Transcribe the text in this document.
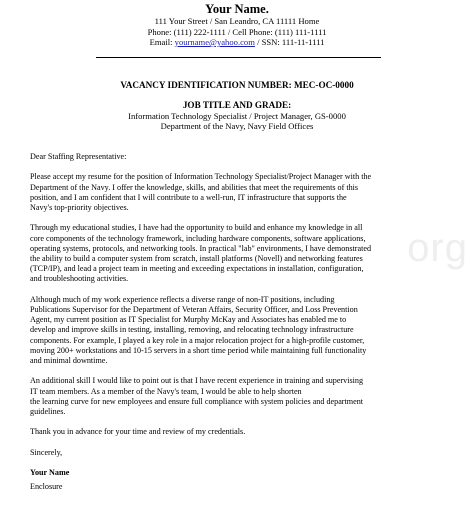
Your Name.
111 Your Street / San Leandro, CA 11111 Home
Phone: (111) 222-1111 / Cell Phone: (111) 111-1111
Email: yourname@yahoo.com / SSN: 111-11-1111
VACANCY IDENTIFICATION NUMBER: MEC-OC-0000
JOB TITLE AND GRADE:
Information Technology Specialist / Project Manager, GS-0000
Department of the Navy, Navy Field Offices

Dear Staffing Representative:

Please accept my resume for the position of Information Technology Specialist/Project Manager with the
Department of the Navy. I offer the knowledge, skills, and abilities that meet the requirements of this
position, and I am confident that I will contribute to a well-run, IT infrastructure that supports the
Navy's top-priority objectives.

Through my educational studies, I have had the opportunity to build and enhance my knowledge in all
core components of the technology framework, including hardware components, software applications,
operating systems, protocols, and networking tools. In practical "lab" environments, I have demonstrated
the ability to build a computer system from scratch, install platforms (Novell) and networking features
(TCP/IP), and lead a project team in meeting and exceeding expectations in installation, configuration,
and troubleshooting activities.

Although much of my work experience reflects a diverse range of non-IT positions, including
Publications Supervisor for the Department of Veteran Affairs, Security Officer, and Loss Prevention
Agent, my current position as IT Specialist for Murphy McKay and Associates has enabled me to
develop and improve skills in testing, installing, removing, and relocating technology infrastructure
components. For example, I played a key role in a major relocation project for a high-profile customer,
moving 200+ workstations and 10-15 servers in a short time period while maintaining full functionality
and minimal downtime.

An additional skill I would like to point out is that I have recent experience in training and supervising
IT team members. As a member of the Navy's team, I would be able to help shorten
the learning curve for new employees and ensure full compliance with system policies and department
guidelines.

Thank you in advance for your time and review of my credentials.

Sincerely,

Your Name

Enclosure

org
